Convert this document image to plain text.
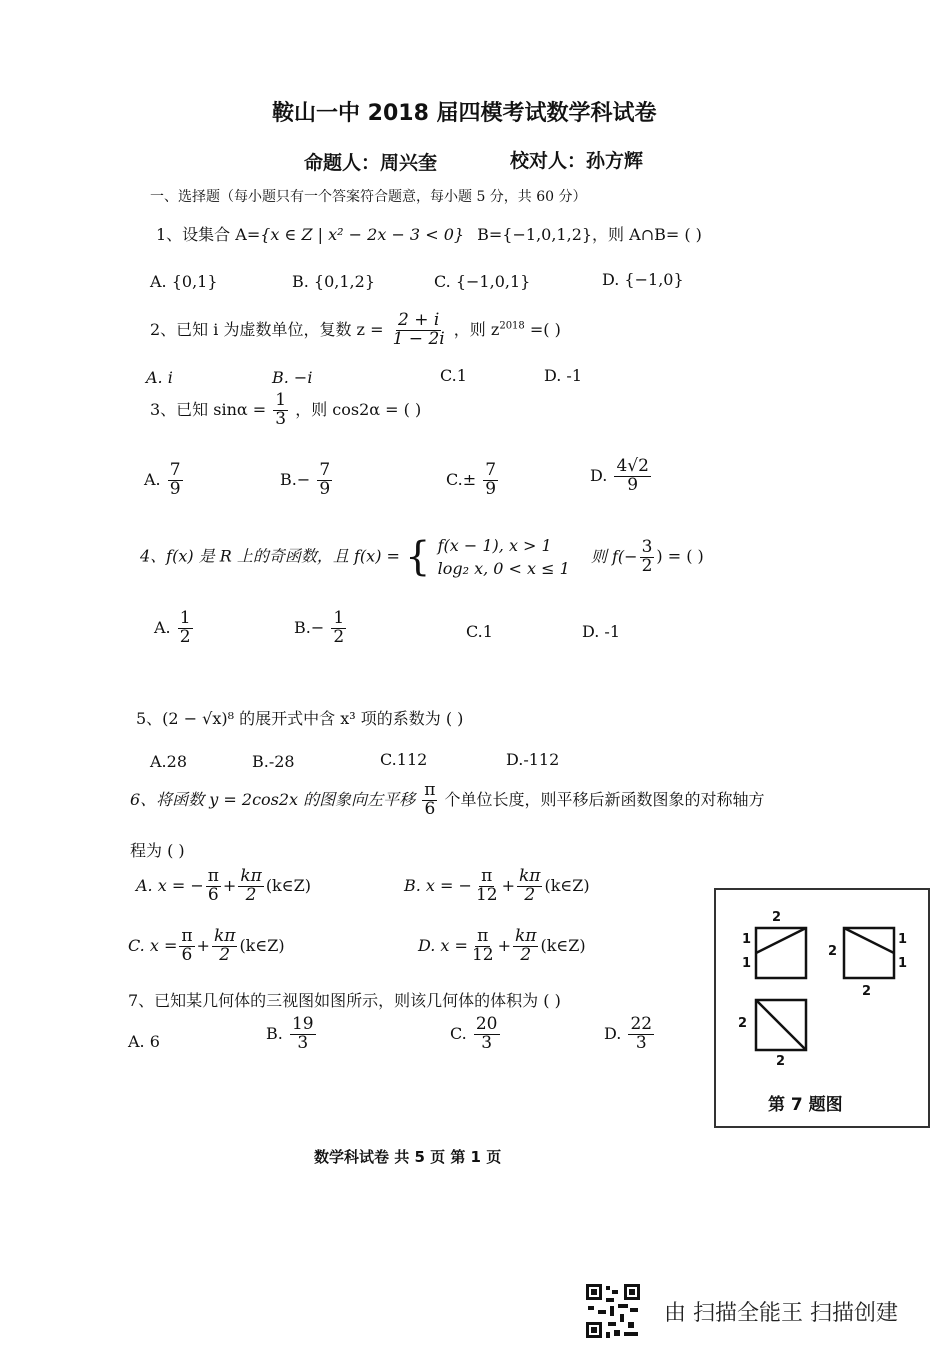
鞍山一中 2018 届四模考试数学科试卷
命题人：周兴奎	校对人：孙方辉
一、选择题（每小题只有一个答案符合题意，每小题 5 分，共 60 分）
1、设集合 A={x ∈ Z | x² − 2x − 3 < 0} B={−1,0,1,2}，则 A∩B= ( )
A. {0,1}	B. {0,1,2}	C. {−1,0,1}	D. {−1,0}
2、已知 i 为虚数单位，复数 $z = \frac{2 + i}{1 - 2i}$ ，则 $z^{2018}$ =( )
A. i	B. −i	C.1	D. -1
3、已知 $\sin\alpha = \frac{1}{3}$ ，则 cos2α = ( )
A. $\frac{7}{9}$	$B.- \frac{7}{9}$	$C.\pm \frac{7}{9}$	D. $\frac{4√2}{9}$
4、f(x) 是 R 上的奇函数，且 f(x) = { f(x − 1), x > 1
log₂ x, 0 < x ≤ 1
则 $f(- \frac{3}{2}$ ) = ( )
A. $\frac{1}{2}$	$B.- \frac{1}{2}$	C.1	D. -1
5、(2 − √x)⁸ 的展开式中含 x³ 项的系数为 ( )
A.28	B.-28	C.112	D.-112
6、将函数 y = 2cos2x 的图象向左平移 $\frac{\pi}{6}$ 个单位长度，则平移后新函数图象的对称轴方
程为 ( )
A. x = − $\frac{\pi}{6} + \frac{k\pi}{2}$ (k∈Z)	B. x = − $\frac{\pi}{12} + \frac{k\pi}{2}$ (k∈Z)
C. $x = \frac{\pi}{6} + \frac{k\pi}{2}$ (k∈Z)	D. $x = \frac{\pi}{12} + \frac{k\pi}{2}$ (k∈Z)
7、已知某几何体的三视图如图所示，则该几何体的体积为 ( )
A. 6	B. $\frac{19}{3}$	C. $\frac{20}{3}$	D. $\frac{22}{3}$
2
1
1
2
1
1
2
2
2
第 7 题图
数学科试卷 共 5 页 第 1 页
由 扫描全能王 扫描创建
